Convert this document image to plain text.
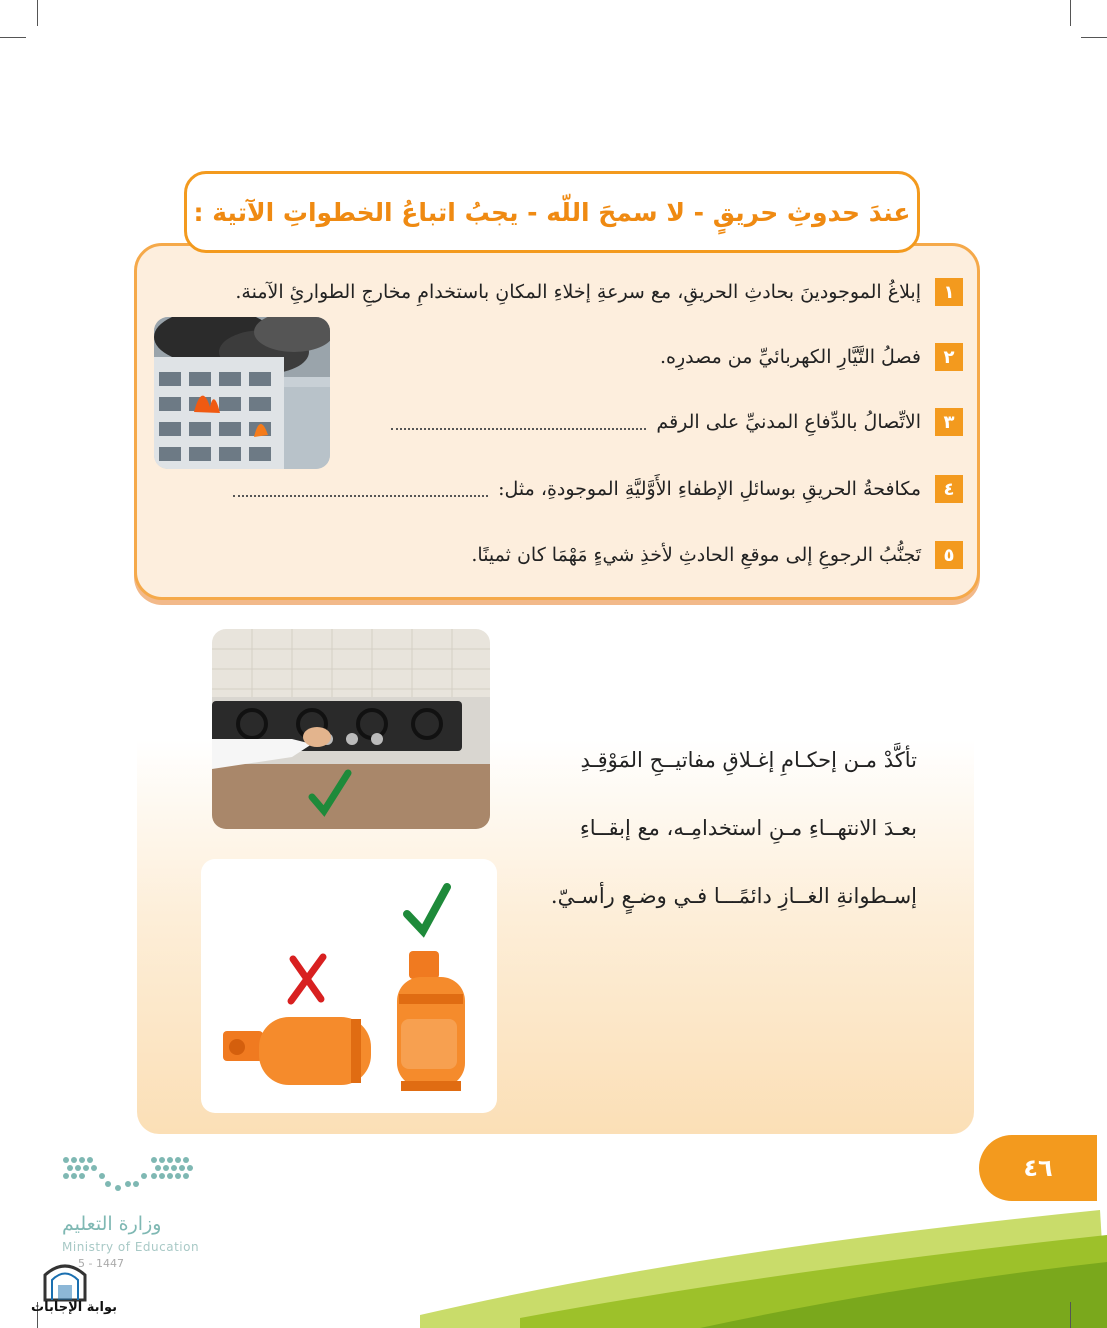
عندَ حدوثِ حريقٍ - لا سمحَ اللّه - يجبُ اتباعُ الخطواتِ الآتية :
١
إبلاغُ الموجودينَ بحادثِ الحريقِ، مع سرعةِ إخلاءِ المكانِ باستخدامِ مخارجِ الطوارئِ الآمنة.
٢
فصلُ التَّيَّارِ الكهربائيِّ من مصدرِه.
٣
الاتِّصالُ بالدِّفاعِ المدنيِّ على الرقم
٤
مكافحةُ الحريقِ بوسائلِ الإطفاءِ الأَوَّليَّةِ الموجودةِ، مثل:
٥
تَجنُّبُ الرجوعِ إلى موقعِ الحادثِ لأخذِ شيءٍ مَهْمَا كان ثمينًا.
تأكَّدْ مـن إحكـامِ إغـلاقِ مفاتيــحِ المَوْقِـدِ
بعـدَ الانتهــاءِ مـنِ استخدامِـه، مع إبقــاءِ
إسـطوانةِ الغــازِ دائمًـــا فـي وضـعٍ رأسـيّ.
٤٦
وزارة التعليم
Ministry of Education
5 - 1447
بوابة الإجابات
